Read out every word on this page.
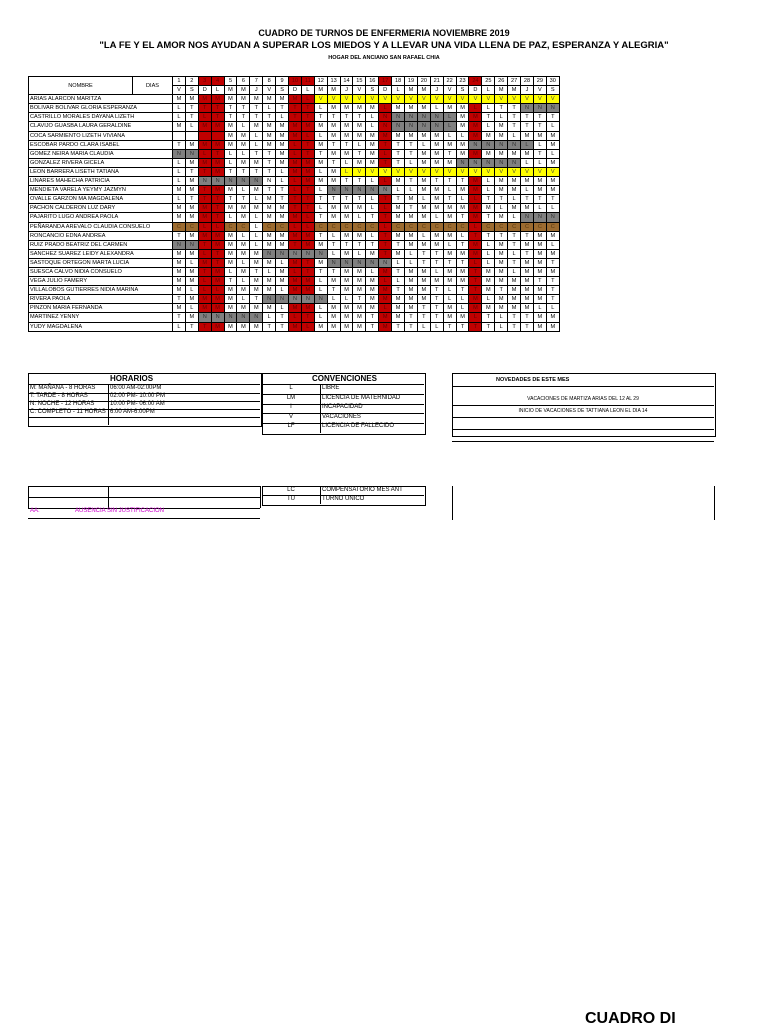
CUADRO DE TURNOS DE ENFERMERIA NOVIEMBRE 2019
"LA FE Y EL AMOR NOS AYUDAN A SUPERAR LOS MIEDOS Y A LLEVAR UNA VIDA LLENA DE PAZ, ESPERANZA Y ALEGRIA"
HOGAR DEL ANCIANO SAN RAFAEL CHIA
NOMBRE	DIAS	1	2	3	4	5	6	7	8	9	10	11	12	13	14	15	16	17	18	19	20	21	22	23	24	25	26	27	28	29	30
		V	S	D	L	M	M	J	V	S	D	L	M	M	J	V	S	D	L	M	M	J	V	S	D	L	M	M	J	V	S
ARIAS ALARCON MARITZA		M	M	M	M	M	M	M	M	M	M	L	V	V	V	V	V	V	V	V	V	V	V	V	V	V	V	V	V	V	V
BOLIVAR BOLIVAR GLORIA ESPERANZA		L	T	T	T	T	T	T	L	T	T	T	L	M	M	M	M	L	M	M	M	L	M	M	L	L	T	T	N	N	N
CASTRILLO MORALES DAYANA LIZETH		L	T	L	T	T	T	T	T	L	T	T	T	T	T	T	L	N	N	N	N	N	L	M	M	T	L	T	T	T	T
CLAVIJO GUASBA LAURA GERALDINE		M	L	M	M	M	L	M	M	M	M	M	M	M	M	M	L	N	N	N	N	N	L	M	M	L	M	T	T	T	L
COCA SARMIENTO LIZETH VIVIANA						M	M	L	M	M	M	L	L	M	M	M	M	M	M	M	M	M	L	L	M	M	M	L	M	M	M
ESCOBAR PARDO CLARA ISABEL		T	M	M	M	M	M	L	M	M	L	T	M	T	T	L	M	T	T	T	L	M	M	M	N	N	N	N	L	L	M
GOMEZ NEIRA MARIA CLAUDIA		N	N	L	T	L	L	T	T	M	L	T	T	M	M	T	M	L	T	T	M	M	T	M	M	M	M	M	M	T	L
GONZALEZ RIVERA GICELA		L	M	M	M	L	M	M	T	M	M	M	M	T	L	M	M	T	T	L	M	M	M	N	N	N	N	N	L	L	M
LEON BARRERA LISETH TATIANA		L	T	T	M	T	T	T	T	L	M	M	L	M	L	V	V	V	V	V	V	V	V	V	V	V	V	V	V	V	V
LINARES MAHECHA PATRICIA		L	M	N	N	N	N	N	N	L	L	M	M	M	T	T	L	L	M	T	M	T	T	T	M	L	M	M	M	M	M
MENDIETA VARELA YEYMY JAZMYN		M	M	T	M	M	L	M	T	T	L	T	L	N	N	N	N	N	L	L	M	M	L	M	M	L	M	M	L	M	M
OVALLE GARZON MA MAGDALENA		L	T	T	T	T	T	L	M	T	T	T	T	T	T	T	L	T	T	M	L	M	T	L	L	T	T	L	T	T	T
PACHON CALDERON LUZ DARY		M	M	M	T	M	M	M	M	M	T	T	L	M	M	M	L	L	M	T	M	M	M	M	M	M	L	M	M	L	L
PAJARITO LUGO ANDREA PAOLA		M	M	M	T	L	M	L	M	M	M	L	T	M	M	L	T	T	M	M	M	L	M	T	M	T	M	L	N	N	N
PEÑARANDA AREVALO CLAUDIA CONSUELO		C	C	L	L	C	C	L	C	C	L	L	C	C	C	C	C	L	C	C	C	C	C	C	L	C	C	C	C	C	C
RONCANCIO EDNA ANDREA		T	M	M	M	M	L	L	M	M	M	M	T	L	M	M	L	T	M	M	L	M	M	L	T	T	T	T	T	M	M
RUIZ PRADO BEATRIZ DEL CARMEN		N	N	T	M	M	M	L	M	M	T	M	M	T	T	T	T	T	T	M	M	M	L	T	M	L	M	T	M	M	L
SANCHEZ SUAREZ LEIDY ALEXANDRA		M	M	L	T	M	M	M	N	N	N	N	N	L	M	L	M	T	M	L	T	T	M	M	M	L	M	L	T	M	M
SASTOQUE ORTEGON MARTA LUCIA		M	L	M	T	M	L	M	M	L	M	T	M	N	N	N	N	N	L	L	T	T	T	T	L	L	M	T	M	M	T
SUESCA CALVO NIDIA CONSUELO		M	M	T	M	L	M	T	L	M	L	T	T	T	M	M	L	M	T	M	M	L	M	M	T	M	M	L	M	M	M
VEGA JULIO FAMERY		M	M	L	M	T	L	M	M	M	M	M	L	M	M	M	M	L	L	M	M	M	M	M	T	M	M	M	M	T	T
VILLALOBOS GUTIERRES NIDIA MARINA		M	L	L	L	M	M	M	M	L	M	M	L	T	M	M	M	M	T	M	M	T	L	T	T	M	T	M	M	M	T
RIVERA PAOLA		T	M	M	M	M	L	T	N	N	N	N	N	L	L	T	M	M	M	M	M	T	L	L	M	L	M	M	M	M	T
PINZON MARIA FERNANDA		M	L	M	M	M	M	M	M	L	M	M	L	M	M	M	M	L	M	M	T	T	M	L	M	M	M	M	M	L	L
MARTINEZ YENNY		T	M	N	N	N	N	N	L	T	L	T	L	M	M	M	T	M	M	T	T	T	M	M	L	T	L	T	T	M	M
YUDY MAGDALENA		L	T	T	M	M	M	M	T	T	M	L	M	M	M	M	T	M	T	T	L	L	T	T	T	T	L	T	T	M	M
HORARIOS
M: MAÑANA - 8 HORAS 06:00 AM-02:00PM
T: TARDE - 8 HORAS	02:00 PM- 10:00 PM
N: NOCHE - 12 HORAS	10:00 PM- 06:00 AM
C: COMPLETO - 11 HORAS 6:00 AM-6:00PM
CONVENCIONES
L	LIBRE
LM	LICENCIA DE MATERNIDAD
I	INCAPACIDAD
V	VACACIONES
LF	LICENCIA DE FALLECIDO
NOVEDADES DE ESTE MES
VACACIONES DE MARTIZA ARIAS DEL 12 AL 29
INICIO DE VACACIONES DE TATTIANA LEON EL DIA 14
LC	COMPENSATORIO MES ANT
TU	TURNO UNICO
AA:	AUSENCIA SIN JUSTIFICACION
CUADRO DI
